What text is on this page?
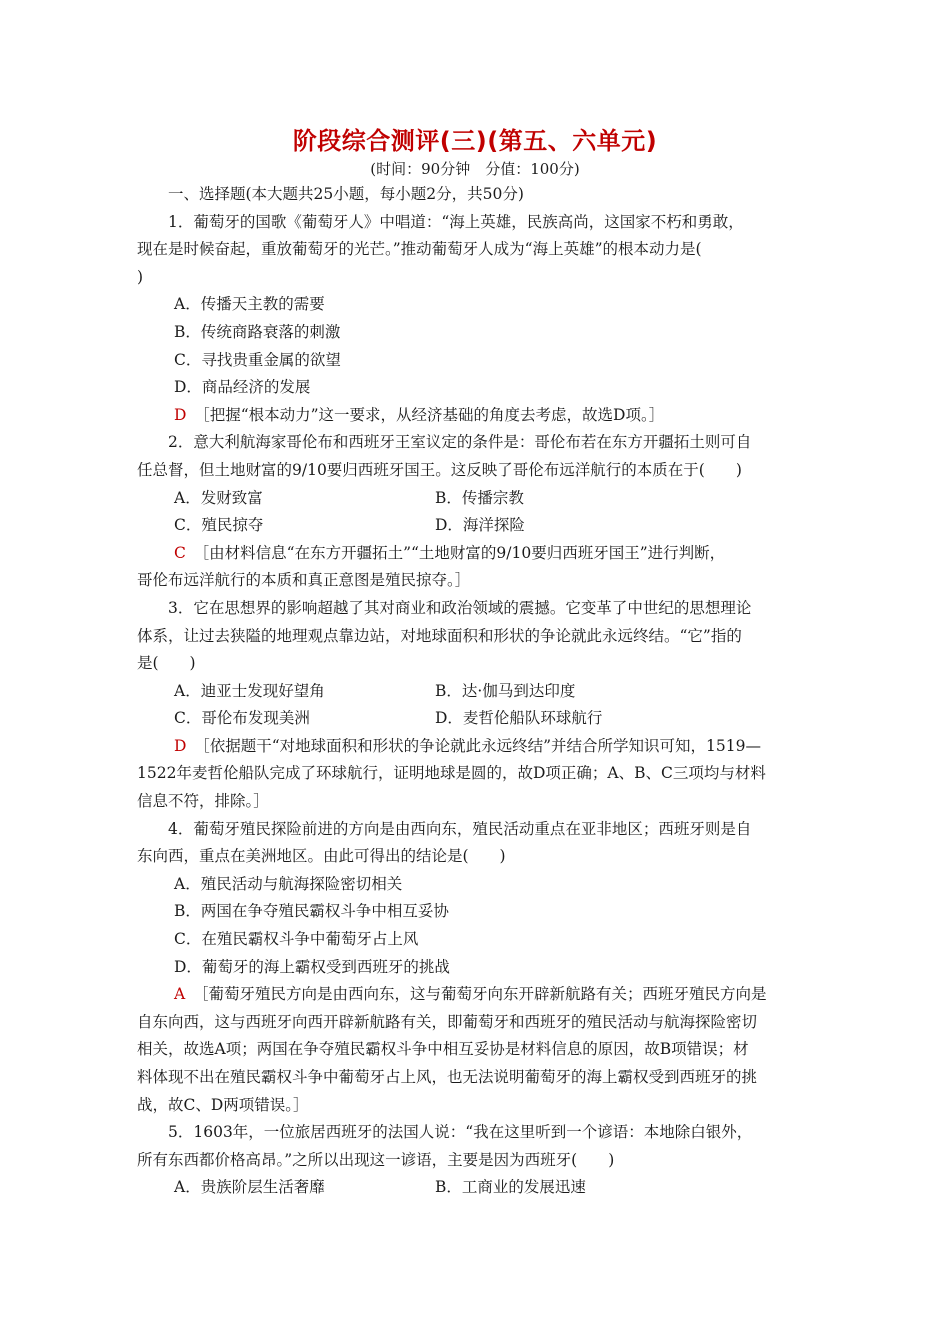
阶段综合测评(三)(第五、六单元)
(时间：90分钟　分值：100分)

一、选择题(本大题共25小题，每小题2分，共50分)

1．葡萄牙的国歌《葡萄牙人》中唱道：“海上英雄，民族高尚，这国家不朽和勇敢，

现在是时候奋起，重放葡萄牙的光芒。”推动葡萄牙人成为“海上英雄”的根本动力是(

)

A．传播天主教的需要

B．传统商路衰落的刺激

C．寻找贵重金属的欲望

D．商品经济的发展

D　 ［把握“根本动力”这一要求，从经济基础的角度去考虑，故选D项。］

2．意大利航海家哥伦布和西班牙王室议定的条件是：哥伦布若在东方开疆拓土则可自

任总督，但土地财富的9/10要归西班牙国王。这反映了哥伦布远洋航行的本质在于(　　)

A．发财致富	B．传播宗教
C．殖民掠夺	D．海洋探险

C　 ［由材料信息“在东方开疆拓土”“土地财富的9/10要归西班牙国王”进行判断，

哥伦布远洋航行的本质和真正意图是殖民掠夺。］

3．它在思想界的影响超越了其对商业和政治领域的震撼。它变革了中世纪的思想理论

体系，让过去狭隘的地理观点靠边站，对地球面积和形状的争论就此永远终结。“它”指的

是(　　)

A．迪亚士发现好望角	B．达·伽马到达印度
C．哥伦布发现美洲	D．麦哲伦船队环球航行

D　 ［依据题干“对地球面积和形状的争论就此永远终结”并结合所学知识可知，1519—

1522年麦哲伦船队完成了环球航行，证明地球是圆的，故D项正确；A、B、C三项均与材料

信息不符，排除。］

4．葡萄牙殖民探险前进的方向是由西向东，殖民活动重点在亚非地区；西班牙则是自

东向西，重点在美洲地区。由此可得出的结论是(　　)

A．殖民活动与航海探险密切相关

B．两国在争夺殖民霸权斗争中相互妥协

C．在殖民霸权斗争中葡萄牙占上风

D．葡萄牙的海上霸权受到西班牙的挑战

A　 ［葡萄牙殖民方向是由西向东，这与葡萄牙向东开辟新航路有关；西班牙殖民方向是

自东向西，这与西班牙向西开辟新航路有关，即葡萄牙和西班牙的殖民活动与航海探险密切

相关，故选A项；两国在争夺殖民霸权斗争中相互妥协是材料信息的原因，故B项错误；材

料体现不出在殖民霸权斗争中葡萄牙占上风，也无法说明葡萄牙的海上霸权受到西班牙的挑

战，故C、D两项错误。］

5．1603年，一位旅居西班牙的法国人说：“我在这里听到一个谚语：本地除白银外，

所有东西都价格高昂。”之所以出现这一谚语，主要是因为西班牙(　　)

A．贵族阶层生活奢靡	B．工商业的发展迅速
